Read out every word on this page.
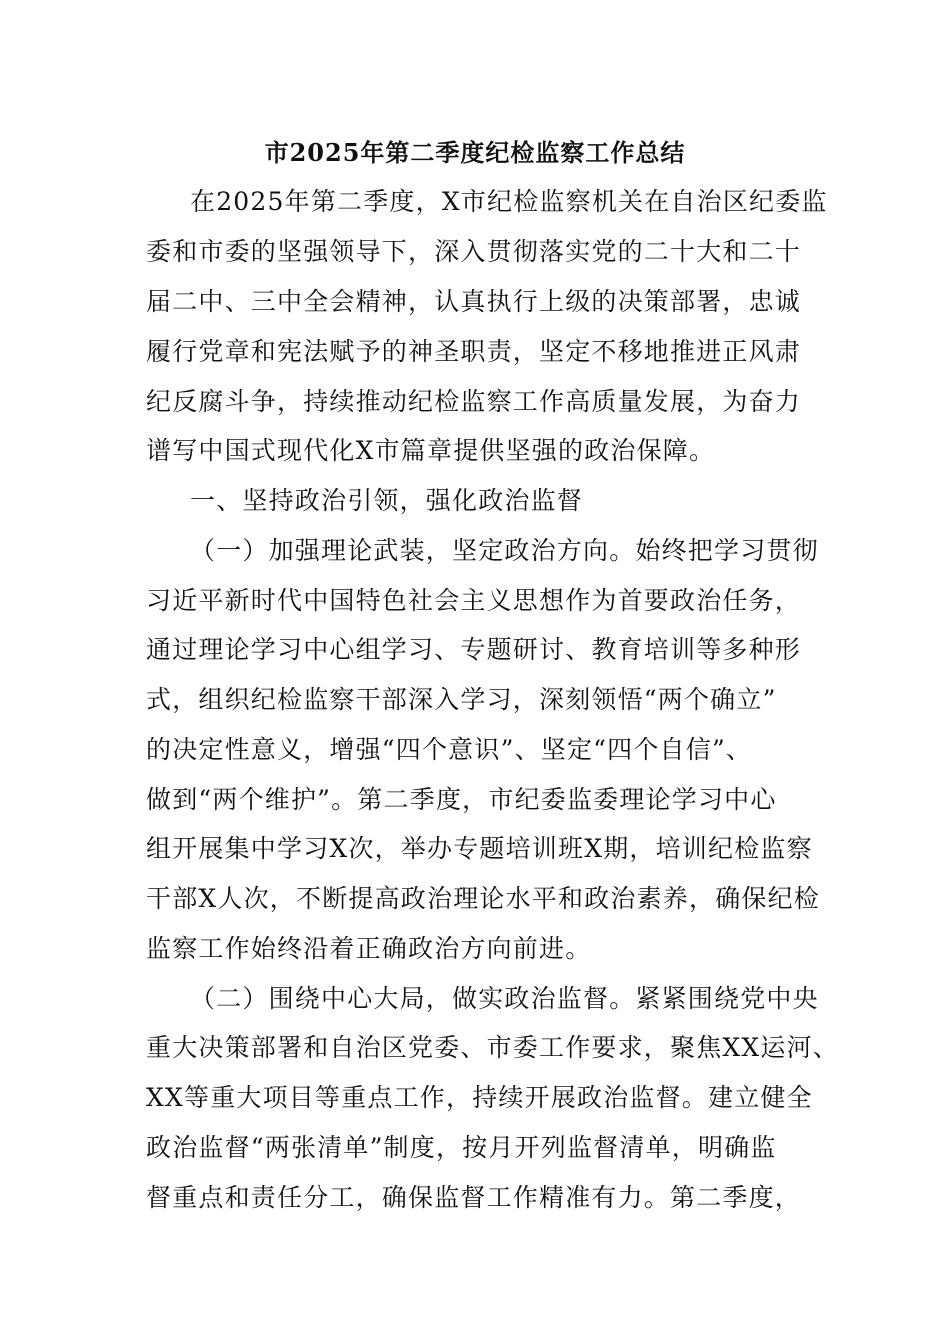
市2025年第二季度纪检监察工作总结
在2025年第二季度，X市纪检监察机关在自治区纪委监
委和市委的坚强领导下，深入贯彻落实党的二十大和二十
届二中、三中全会精神，认真执行上级的决策部署，忠诚
履行党章和宪法赋予的神圣职责，坚定不移地推进正风肃
纪反腐斗争，持续推动纪检监察工作高质量发展，为奋力
谱写中国式现代化X市篇章提供坚强的政治保障。
一、坚持政治引领，强化政治监督
（一）加强理论武装，坚定政治方向。始终把学习贯彻
习近平新时代中国特色社会主义思想作为首要政治任务，
通过理论学习中心组学习、专题研讨、教育培训等多种形
式，组织纪检监察干部深入学习，深刻领悟“两个确立”
的决定性意义，增强“四个意识”、坚定“四个自信”、
做到“两个维护”。第二季度，市纪委监委理论学习中心
组开展集中学习X次，举办专题培训班X期，培训纪检监察
干部X人次，不断提高政治理论水平和政治素养，确保纪检
监察工作始终沿着正确政治方向前进。
（二）围绕中心大局，做实政治监督。紧紧围绕党中央
重大决策部署和自治区党委、市委工作要求，聚焦XX运河、
XX等重大项目等重点工作，持续开展政治监督。建立健全
政治监督“两张清单”制度，按月开列监督清单，明确监
督重点和责任分工，确保监督工作精准有力。第二季度，
